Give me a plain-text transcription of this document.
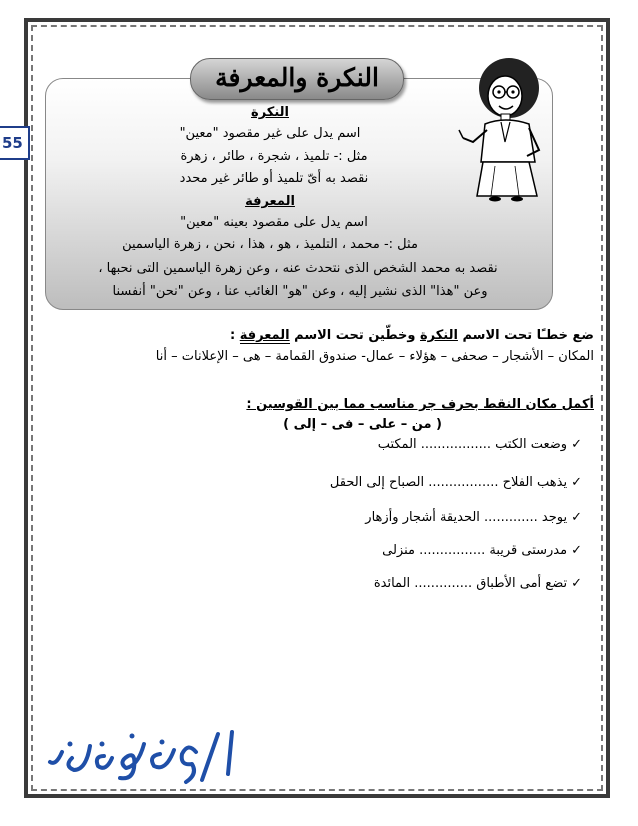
55
النكرة والمعرفة
النكرة
اسم يدل على غير مقصود "معين"
مثل :- تلميذ ، شجرة ، طائر ، زهرة
نقصد به أىّ تلميذ أو طائر غير محدد
المعرفة
اسم يدل على مقصود بعينه "معين"
مثل :- محمد ، التلميذ ، هو ، هذا ، نحن ، زهرة الياسمين
نقصد به محمد الشخص الذى نتحدث عنه ، وعن زهرة الياسمين التى نحبها ،
وعن "هذا" الذى نشير إليه ، وعن "هو" الغائب عنا ، وعن "نحن" أنفسنا
ضع خطـًا تحت الاسم النكرة وخطّين تحت الاسم المعرفة :
المكان – الأشجار – صحفى – هؤلاء – عمال- صندوق القمامة – هى – الإعلانات – أنا
أكمل مكان النقط بحرف جر مناسب مما بين القوسين :
( من – على – فى – إلى )
✓وضعت الكتب ................. المكتب
✓يذهب الفلاح ................. الصباح إلى الحقل
✓يوجد ............. الحديقة أشجار وأزهار
✓مدرستى قريبة ................ منزلى
✓تضع أمى الأطباق .............. المائدة
